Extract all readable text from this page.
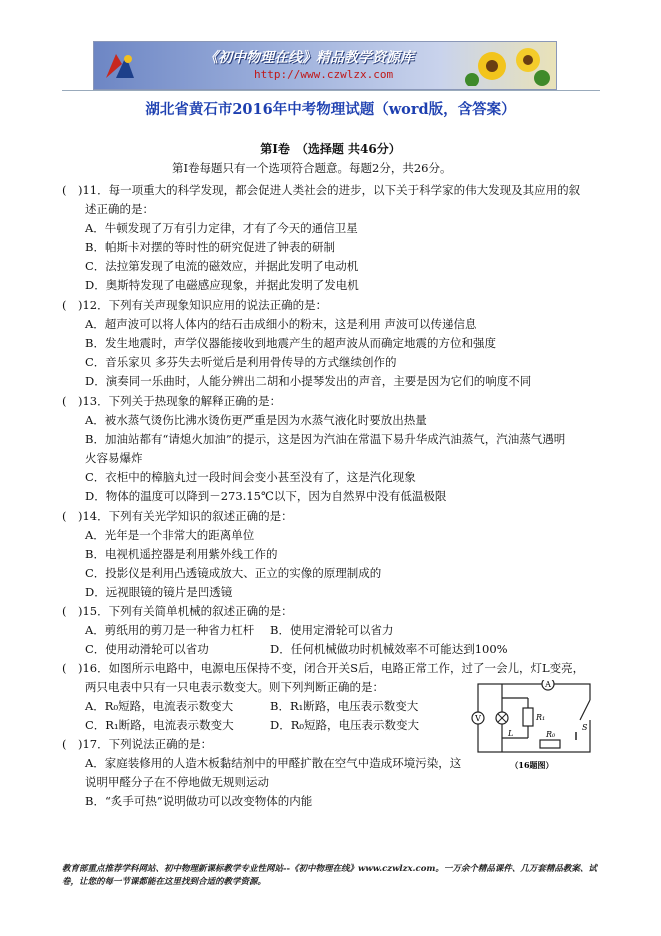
《初中物理在线》精品教学资源库
http://www.czwlzx.com
湖北省黄石市2016年中考物理试题（word版，含答案）
第Ⅰ卷　（选择题 共46分）
第Ⅰ卷每题只有一个选项符合题意。每题2分，共26分。
(　)11．每一项重大的科学发现，都会促进人类社会的进步，以下关于科学家的伟大发现及其应用的叙
述正确的是：
A．牛顿发现了万有引力定律，才有了今天的通信卫星
B．帕斯卡对摆的等时性的研究促进了钟表的研制
C．法拉第发现了电流的磁效应，并据此发明了电动机
D．奥斯特发现了电磁感应现象，并据此发明了发电机
(　)12．下列有关声现象知识应用的说法正确的是：
A．超声波可以将人体内的结石击成细小的粉末，这是利用 声波可以传递信息
B．发生地震时，声学仪器能接收到地震产生的超声波从而确定地震的方位和强度
C．音乐家贝 多芬失去听觉后是利用骨传导的方式继续创作的
D．演奏同一乐曲时，人能分辨出二胡和小提琴发出的声音，主要是因为它们的响度不同
(　)13．下列关于热现象的解释正确的是：
A．被水蒸气烫伤比沸水烫伤更严重是因为水蒸气液化时要放出热量
B．加油站都有“请熄火加油”的提示，这是因为汽油在常温下易升华成汽油蒸气，汽油蒸气遇明
火容易爆炸
C．衣柜中的樟脑丸过一段时间会变小甚至没有了，这是汽化现象
D．物体的温度可以降到－273.15℃以下，因为自然界中没有低温极限
(　)14．下列有关光学知识的叙述正确的是：
A．光年是一个非常大的距离单位
B．电视机遥控器是利用紫外线工作的
C．投影仪是利用凸透镜成放大、正立的实像的原理制成的
D．远视眼镜的镜片是凹透镜
(　)15．下列有关简单机械的叙述正确的是：
A．剪纸用的剪刀是一种省力杠杆 B．使用定滑轮可以省力
C．使用动滑轮可以省功	D．任何机械做功时机械效率不可能达到100%
(　)16．如图所示电路中，电源电压保持不变，闭合开关S后，电路正常工作，过了一会儿，灯L变亮，
两只电表中只有一只电表示数变大。则下列判断正确的是：
A．R₀短路，电流表示数变大	B．R₁断路，电压表示数变大
C．R₁断路，电流表示数变大	D．R₀短路，电压表示数变大
(　)17．下列说法正确的是：
A．家庭装修用的人造木板黏结剂中的甲醛扩散在空气中造成环境污染，这
说明甲醛分子在不停地做无规则运动
B．“炙手可热”说明做功可以改变物体的内能
A
V
L
R₁
R₀
S
（16题图）
教育部重点推荐学科网站、初中物理新课标教学专业性网站--《初中物理在线》www.czwlzx.com。一万余个精品课件、几万套精品教案、试卷，让您的每一节课都能在这里找到合适的教学资源。
